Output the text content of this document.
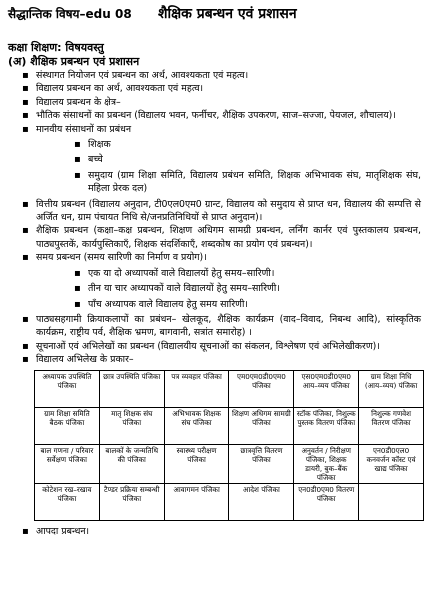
सैद्धान्तिक विषय–edu 08 शैक्षिक प्रबन्धन एवं प्रशासन
कक्षा शिक्षण: विषयवस्तु
(अ) शैक्षिक प्रबन्धन एवं प्रशासन
▪ संस्थागत नियोजन एवं प्रबन्धन का अर्थ, आवश्यकता एवं महत्व।
▪ विद्यालय प्रबन्धन का अर्थ, आवश्यकता एवं महत्व।
▪ विद्यालय प्रबन्धन के क्षेत्र–
▪ भौतिक संसाधनों का प्रबन्धन (विद्यालय भवन, फर्नीचर, शैक्षिक उपकरण, साज–सज्जा, पेयजल, शौचालय)।
▪ मानवीय संसाधनों का प्रबंधन
▪ शिक्षक
▪ बच्चे
▪ समुदाय (ग्राम शिक्षा समिति, विद्यालय प्रबंधन समिति, शिक्षक अभिभावक संघ, मातृशिक्षक संघ, महिला प्रेरक दल)
▪ वित्तीय प्रबन्धन (विद्यालय अनुदान, टी0एल0एम0 ग्रान्ट, विद्यालय को समुदाय से प्राप्त धन, विद्यालय की सम्पत्ति से अर्जित धन, ग्राम पंचायत निधि से/जनप्रतिनिधियों से प्राप्त अनुदान)।
▪ शैक्षिक प्रबन्धन (कक्षा–कक्ष प्रबन्धन, शिक्षण अधिगम सामग्री प्रबन्धन, लर्निंग कार्नर एवं पुस्तकालय प्रबन्धन, पाठ्यपुस्तकें, कार्यपुस्तिकाएँ, शिक्षक संदर्शिकाएँ, शब्दकोष का प्रयोग एवं प्रबन्धन)।
▪ समय प्रबन्धन (समय सारिणी का निर्माण व प्रयोग)।
▪ एक या दो अध्यापकों वाले विद्यालयों हेतु समय–सारिणी।
▪ तीन या चार अध्यापकों वाले विद्यालयों हेतु समय–सारिणी।
▪ पाँच अध्यापक वाले विद्यालय हेतु समय सारिणी।
▪ पाठ्यसहगामी क्रियाकलापों का प्रबंधन– खेलकूद, शैक्षिक कार्यक्रम (वाद–विवाद, निबन्ध आदि), सांस्कृतिक कार्यक्रम, राष्ट्रीय पर्व, शैक्षिक भ्रमण, बागवानी, सत्रांत समारोह) ।
▪ सूचनाओं एवं अभिलेखों का प्रबन्धन (विद्यालयीय सूचनाओं का संकलन, विश्लेषण एवं अभिलेखीकरण)।
▪ विद्यालय अभिलेख के प्रकार–
अध्यापक उपस्थिति पंजिका	छात्र उपस्थिति पंजिका	पत्र व्यवहार पंजिका	एम0एम0डी0एम0 पंजिका	एस0एम0डी0एम0 आय–व्यय पंजिका	ग्राम शिक्षा निधि (आय–व्यय) पंजिका
ग्राम शिक्षा समिति बैठक पंजिका	मातृ शिक्षक संघ पंजिका	अभिभावक शिक्षक संघ पंजिका	शिक्षण अधिगम सामग्री पंजिका	स्टॉक पंजिका, निशुल्क पुस्तक वितरण पंजिका	निशुल्क गणवेश वितरण पंजिका
बाल गणना / परिवार सर्वेक्षण पंजिका	बालकों के जन्मतिथि की पंजिका	स्वास्थ्य परीक्षण पंजिका	छात्रवृत्ति वितरण पंजिका	अनुवर्तन / निरीक्षण पंजिका, शिक्षक डायरी, बुक–बैंक पंजिका	एन0डी0एल0 कनवर्जन कॉस्ट एवं खाद्य पंजिका
कोटेशन रख–रखाव पंजिका	टैण्डर प्रक्रिया सम्बन्धी पंजिका	आवागमन पंजिका	आदेश पंजिका	एन0डी0एम0 वितरण पंजिका	
▪ आपदा प्रबन्धन।
